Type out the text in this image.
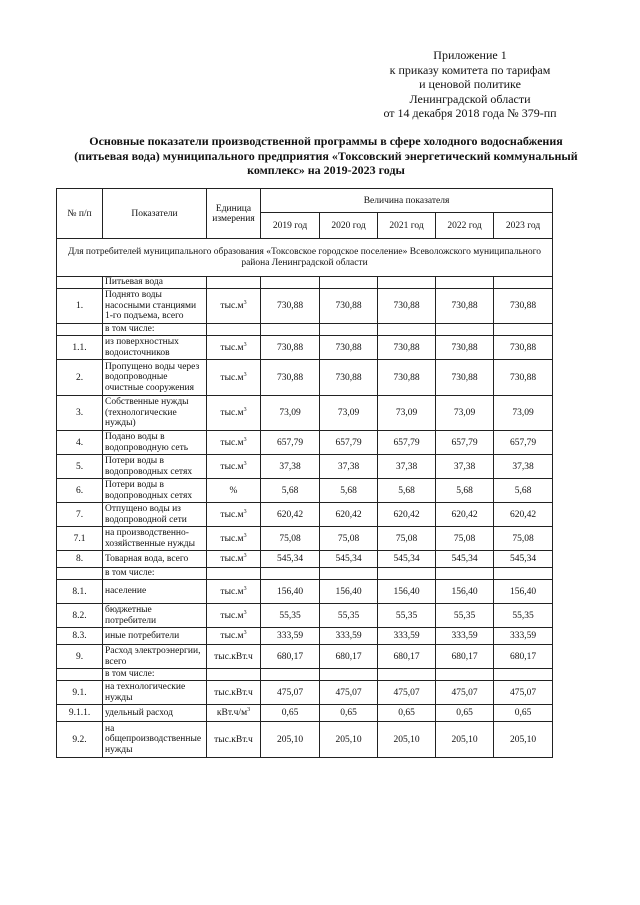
Приложение 1
к приказу комитета по тарифам
и ценовой политике
Ленинградской области
от 14 декабря 2018 года № 379-пп
Основные показатели производственной программы в сфере холодного водоснабжения
(питьевая вода) муниципального предприятия «Токсовский энергетический коммунальный
комплекс» на 2019-2023 годы
№ п/п	Показатели	Единица измерения	Величина показателя				
			2019 год	2020 год	2021 год	2022 год	2023 год
Для потребителей муниципального образования «Токсовское городское поселение» Всеволожского муниципального района Ленинградской области							
	Питьевая вода						
1.	Поднято воды насосными станциями 1-го подъема, всего	$тыс.м^3$	730,88	730,88	730,88	730,88	730,88
	в том числе:						
1.1.	из поверхностных водоисточников	$тыс.м^3$	730,88	730,88	730,88	730,88	730,88
2.	Пропущено воды через водопроводные очистные сооружения	$тыс.м^3$	730,88	730,88	730,88	730,88	730,88
3.	Собственные нужды (технологические нужды)	$тыс.м^3$	73,09	73,09	73,09	73,09	73,09
4.	Подано воды в водопроводную сеть	$тыс.м^3$	657,79	657,79	657,79	657,79	657,79
5.	Потери воды в водопроводных сетях	$тыс.м^3$	37,38	37,38	37,38	37,38	37,38
6.	Потери воды в водопроводных сетях	%	5,68	5,68	5,68	5,68	5,68
7.	Отпущено воды из водопроводной сети	$тыс.м^3$	620,42	620,42	620,42	620,42	620,42
7.1	на производственно-хозяйственные нужды	$тыс.м^3$	75,08	75,08	75,08	75,08	75,08
8.	Товарная вода, всего	$тыс.м^3$	545,34	545,34	545,34	545,34	545,34
	в том числе:						
8.1.	население	$тыс.м^3$	156,40	156,40	156,40	156,40	156,40
8.2.	бюджетные потребители	$тыс.м^3$	55,35	55,35	55,35	55,35	55,35
8.3.	иные потребители	$тыс.м^3$	333,59	333,59	333,59	333,59	333,59
9.	Расход электроэнергии, всего	тыс.кВт.ч	680,17	680,17	680,17	680,17	680,17
	в том числе:						
9.1.	на технологические нужды	тыс.кВт.ч	475,07	475,07	475,07	475,07	475,07
9.1.1.	удельный расход	$кВт.ч/м^3$	0,65	0,65	0,65	0,65	0,65
9.2.	на общепроизводственные нужды	тыс.кВт.ч	205,10	205,10	205,10	205,10	205,10
